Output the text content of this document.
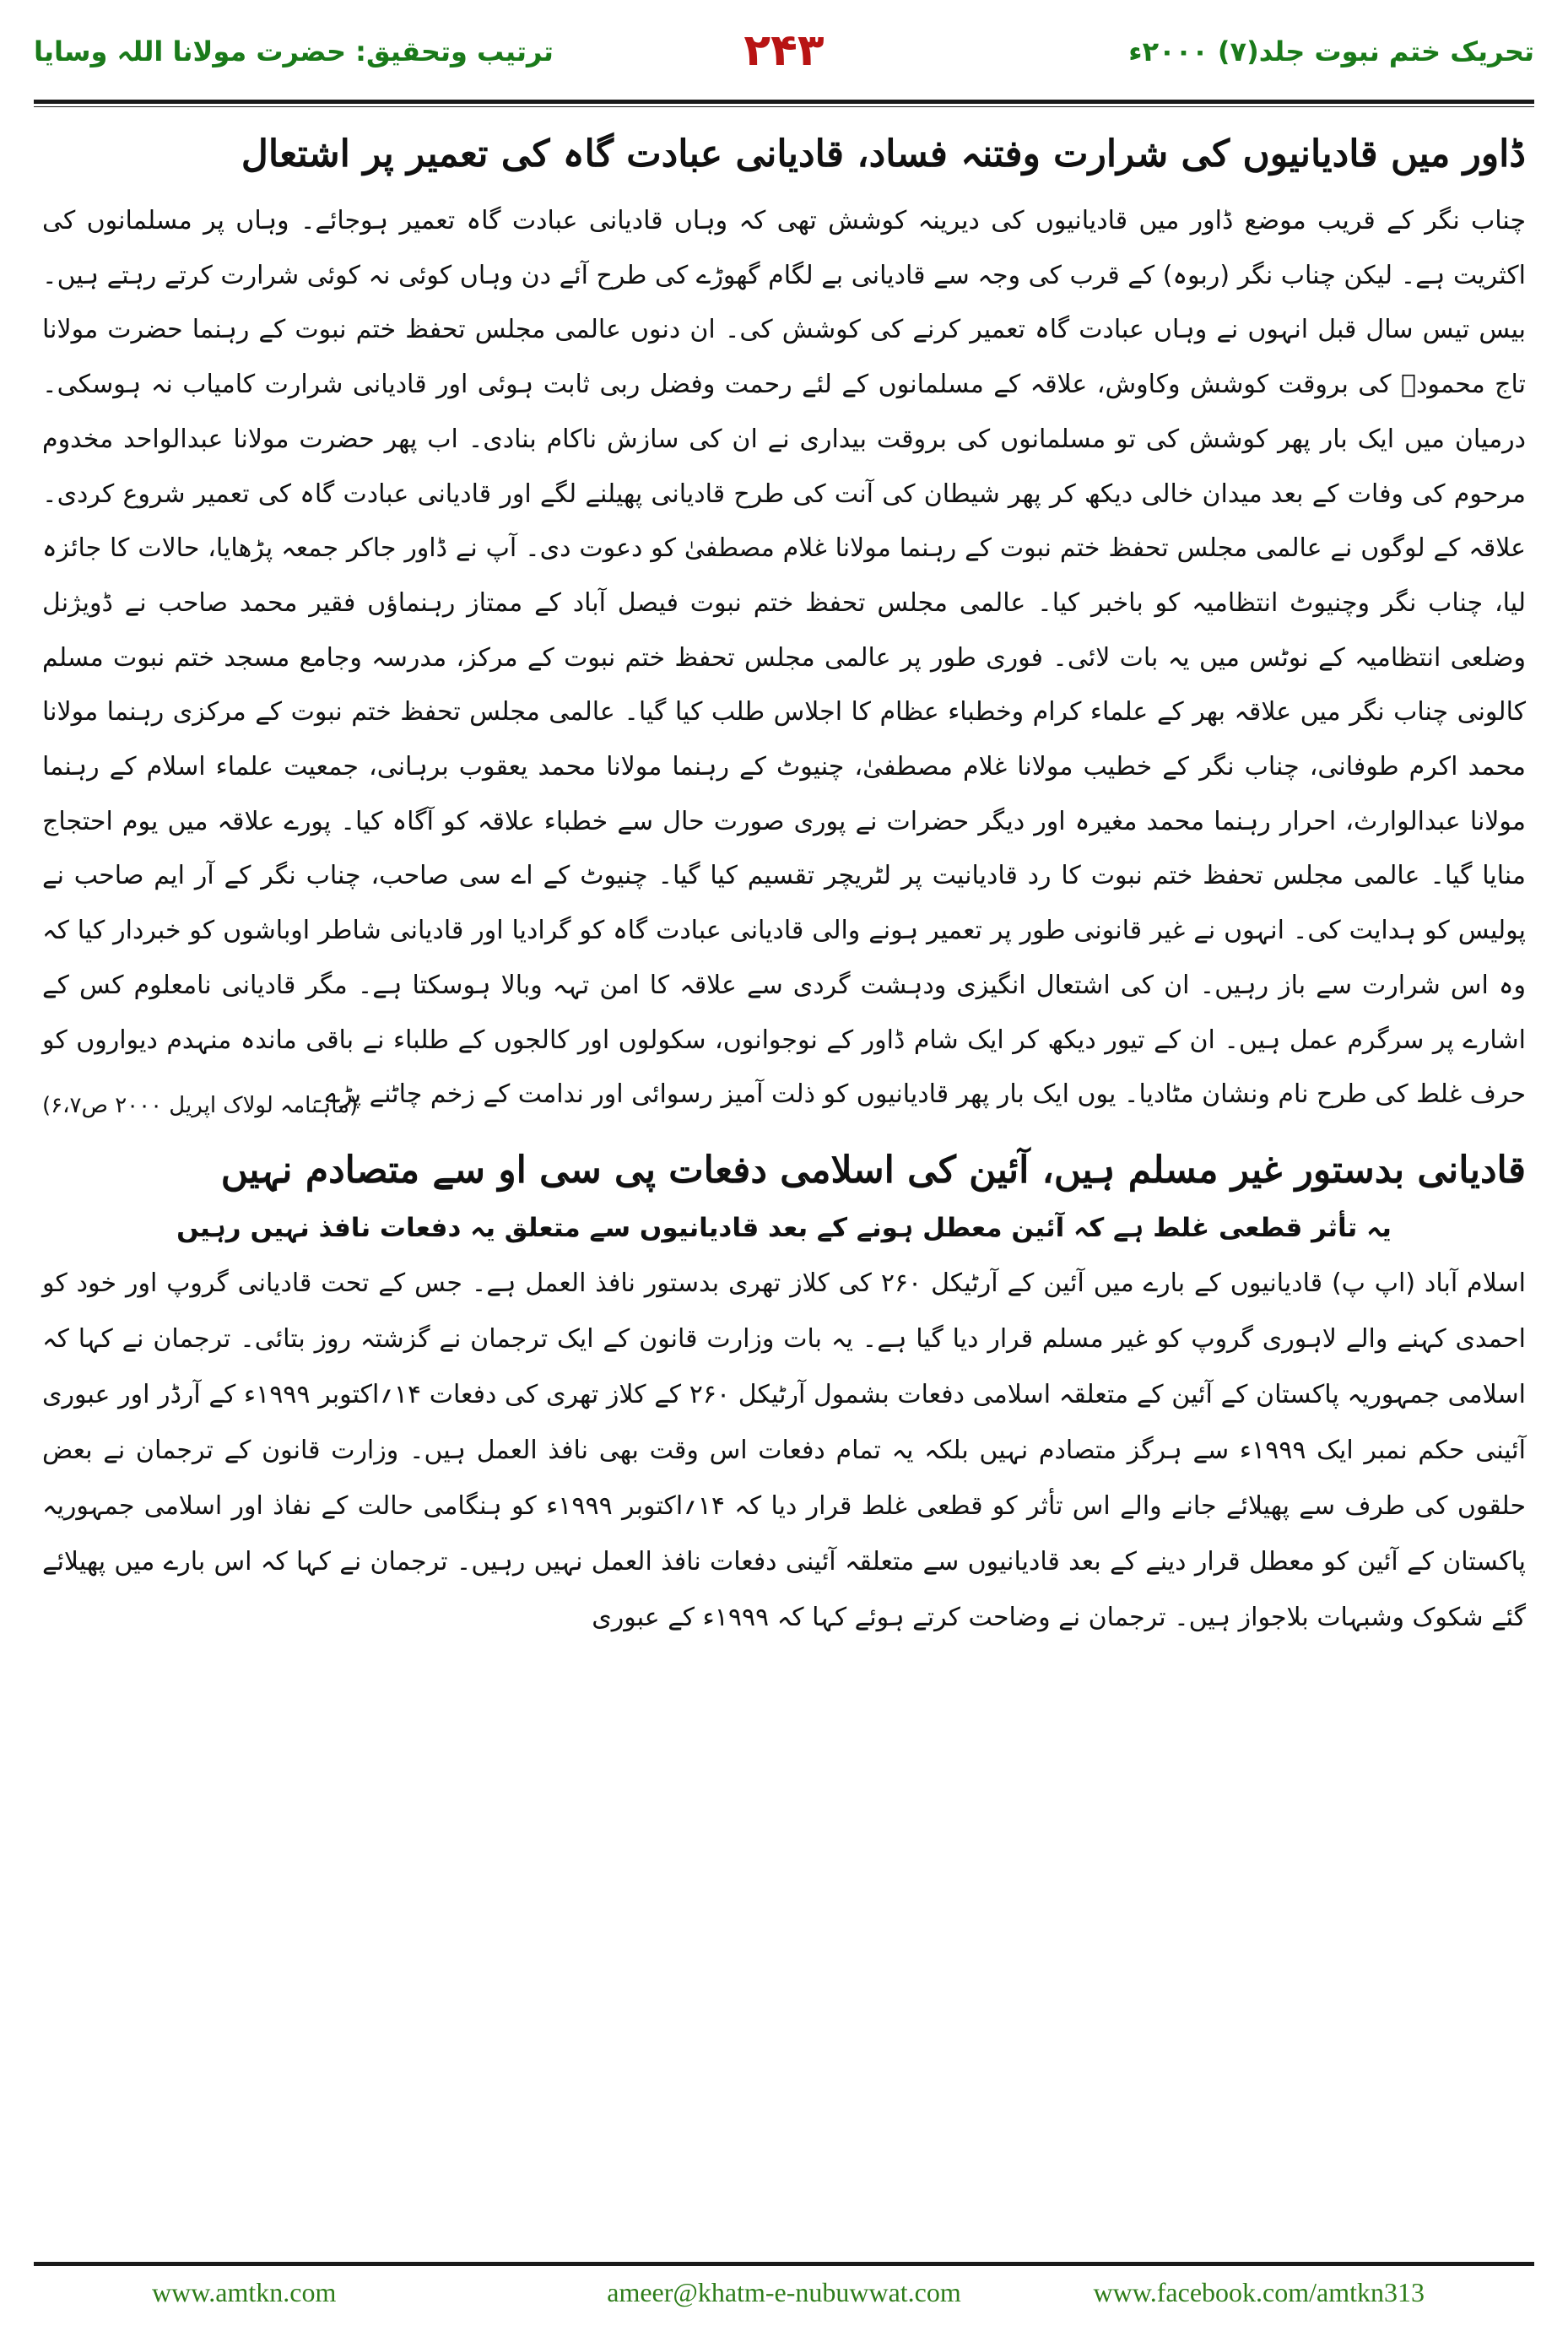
ترتیب وتحقیق: حضرت مولانا اللہ وسایا	۲۴۳	تحریک ختم نبوت جلد(۷) ۲۰۰۰ء
ڈاور میں قادیانیوں کی شرارت وفتنہ فساد، قادیانی عبادت گاہ کی تعمیر پر اشتعال

چناب نگر کے قریب موضع ڈاور میں قادیانیوں کی دیرینہ کوشش تھی کہ وہاں قادیانی عبادت گاہ تعمیر ہوجائے۔ وہاں پر مسلمانوں کی اکثریت ہے۔ لیکن چناب نگر (ربوہ) کے قرب کی وجہ سے قادیانی بے لگام گھوڑے کی طرح آئے دن وہاں کوئی نہ کوئی شرارت کرتے رہتے ہیں۔ بیس تیس سال قبل انہوں نے وہاں عبادت گاہ تعمیر کرنے کی کوشش کی۔ ان دنوں عالمی مجلس تحفظ ختم نبوت کے رہنما حضرت مولانا تاج محمودؒ کی بروقت کوشش وکاوش، علاقہ کے مسلمانوں کے لئے رحمت وفضل ربی ثابت ہوئی اور قادیانی شرارت کامیاب نہ ہوسکی۔ درمیان میں ایک بار پھر کوشش کی تو مسلمانوں کی بروقت بیداری نے ان کی سازش ناکام بنادی۔ اب پھر حضرت مولانا عبدالواحد مخدوم مرحوم کی وفات کے بعد میدان خالی دیکھ کر پھر شیطان کی آنت کی طرح قادیانی پھیلنے لگے اور قادیانی عبادت گاہ کی تعمیر شروع کردی۔ علاقہ کے لوگوں نے عالمی مجلس تحفظ ختم نبوت کے رہنما مولانا غلام مصطفیٰ کو دعوت دی۔ آپ نے ڈاور جاکر جمعہ پڑھایا، حالات کا جائزہ لیا، چناب نگر وچنیوٹ انتظامیہ کو باخبر کیا۔ عالمی مجلس تحفظ ختم نبوت فیصل آباد کے ممتاز رہنماؤں فقیر محمد صاحب نے ڈویژنل وضلعی انتظامیہ کے نوٹس میں یہ بات لائی۔ فوری طور پر عالمی مجلس تحفظ ختم نبوت کے مرکز، مدرسہ وجامع مسجد ختم نبوت مسلم کالونی چناب نگر میں علاقہ بھر کے علماء کرام وخطباء عظام کا اجلاس طلب کیا گیا۔ عالمی مجلس تحفظ ختم نبوت کے مرکزی رہنما مولانا محمد اکرم طوفانی، چناب نگر کے خطیب مولانا غلام مصطفیٰ، چنیوٹ کے رہنما مولانا محمد یعقوب برہانی، جمعیت علماء اسلام کے رہنما مولانا عبدالوارث، احرار رہنما محمد مغیرہ اور دیگر حضرات نے پوری صورت حال سے خطباء علاقہ کو آگاہ کیا۔ پورے علاقہ میں یوم احتجاج منایا گیا۔ عالمی مجلس تحفظ ختم نبوت کا رد قادیانیت پر لٹریچر تقسیم کیا گیا۔ چنیوٹ کے اے سی صاحب، چناب نگر کے آر ایم صاحب نے پولیس کو ہدایت کی۔ انہوں نے غیر قانونی طور پر تعمیر ہونے والی قادیانی عبادت گاہ کو گرادیا اور قادیانی شاطر اوباشوں کو خبردار کیا کہ وہ اس شرارت سے باز رہیں۔ ان کی اشتعال انگیزی ودہشت گردی سے علاقہ کا امن تہہ وبالا ہوسکتا ہے۔ مگر قادیانی نامعلوم کس کے اشارے پر سرگرم عمل ہیں۔ ان کے تیور دیکھ کر ایک شام ڈاور کے نوجوانوں، سکولوں اور کالجوں کے طلباء نے باقی ماندہ منہدم دیواروں کو حرف غلط کی طرح نام ونشان مٹادیا۔ یوں ایک بار پھر قادیانیوں کو ذلت آمیز رسوائی اور ندامت کے زخم چاٹنے پڑے۔

(ماہنامہ لولاک اپریل ۲۰۰۰ ص۶،۷)
قادیانی بدستور غیر مسلم ہیں، آئین کی اسلامی دفعات پی سی او سے متصادم نہیں
یہ تأثر قطعی غلط ہے کہ آئین معطل ہونے کے بعد قادیانیوں سے متعلق یہ دفعات نافذ نہیں رہیں

اسلام آباد (اپ پ) قادیانیوں کے بارے میں آئین کے آرٹیکل ۲۶۰ کی کلاز تھری بدستور نافذ العمل ہے۔ جس کے تحت قادیانی گروپ اور خود کو احمدی کہنے والے لاہوری گروپ کو غیر مسلم قرار دیا گیا ہے۔ یہ بات وزارت قانون کے ایک ترجمان نے گزشتہ روز بتائی۔ ترجمان نے کہا کہ اسلامی جمہوریہ پاکستان کے آئین کے متعلقہ اسلامی دفعات بشمول آرٹیکل ۲۶۰ کے کلاز تھری کی دفعات ۱۴؍اکتوبر ۱۹۹۹ء کے آرڈر اور عبوری آئینی حکم نمبر ایک ۱۹۹۹ء سے ہرگز متصادم نہیں بلکہ یہ تمام دفعات اس وقت بھی نافذ العمل ہیں۔ وزارت قانون کے ترجمان نے بعض حلقوں کی طرف سے پھیلائے جانے والے اس تأثر کو قطعی غلط قرار دیا کہ ۱۴؍اکتوبر ۱۹۹۹ء کو ہنگامی حالت کے نفاذ اور اسلامی جمہوریہ پاکستان کے آئین کو معطل قرار دینے کے بعد قادیانیوں سے متعلقہ آئینی دفعات نافذ العمل نہیں رہیں۔ ترجمان نے کہا کہ اس بارے میں پھیلائے گئے شکوک وشبہات بلاجواز ہیں۔ ترجمان نے وضاحت کرتے ہوئے کہا کہ ۱۹۹۹ء کے عبوری

www.amtkn.com	ameer@khatm-e-nubuwwat.com	www.facebook.com/amtkn313
